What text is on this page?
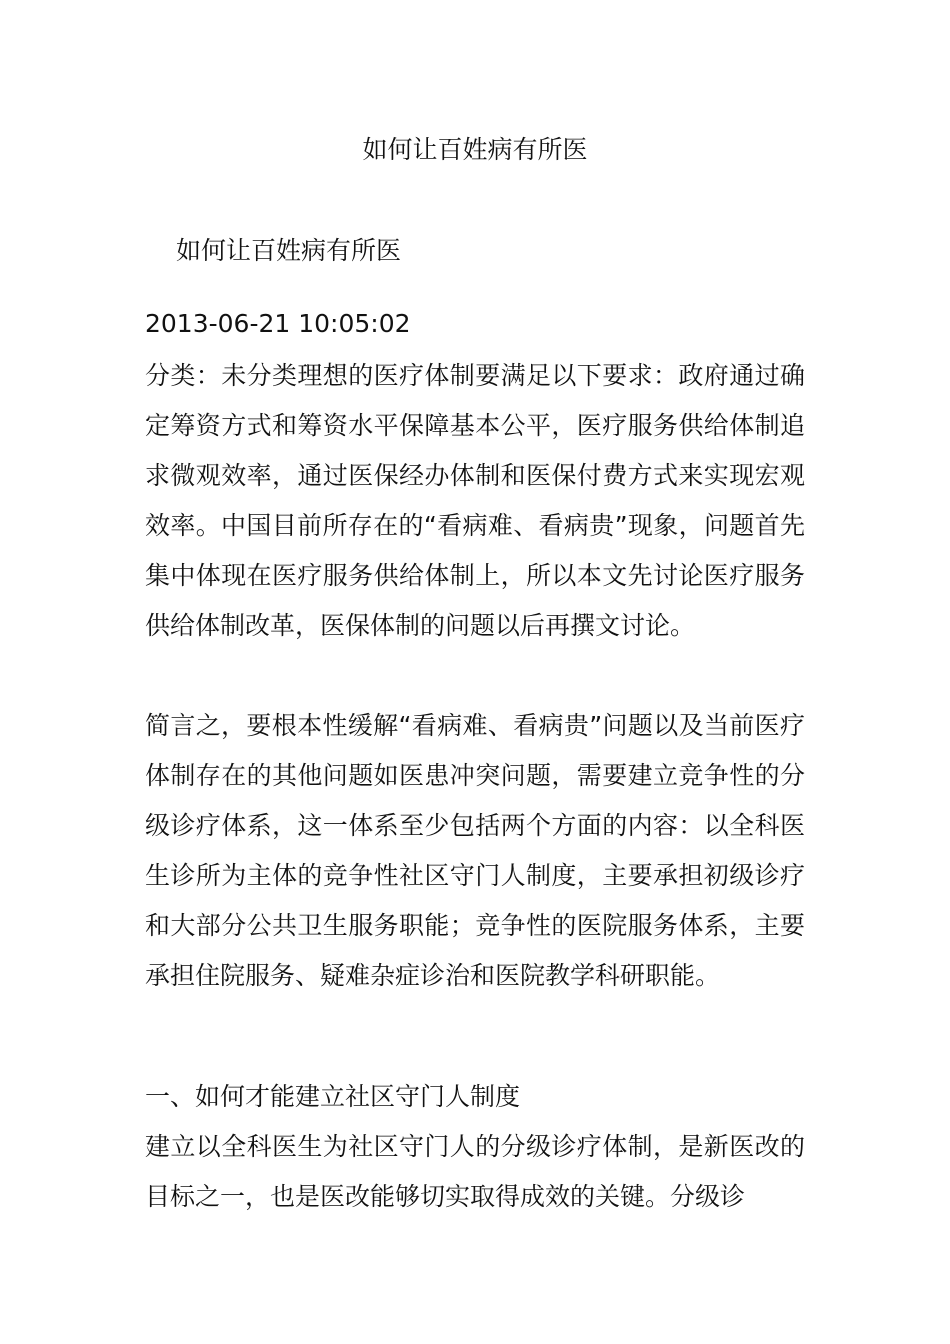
如何让百姓病有所医
如何让百姓病有所医

2013-06-21 10:05:02

分类：未分类理想的医疗体制要满足以下要求：政府通过确定筹资方式和筹资水平保障基本公平，医疗服务供给体制追求微观效率，通过医保经办体制和医保付费方式来实现宏观效率。中国目前所存在的“看病难、看病贵”现象，问题首先集中体现在医疗服务供给体制上，所以本文先讨论医疗服务供给体制改革，医保体制的问题以后再撰文讨论。

简言之，要根本性缓解“看病难、看病贵”问题以及当前医疗体制存在的其他问题如医患冲突问题，需要建立竞争性的分级诊疗体系，这一体系至少包括两个方面的内容：以全科医生诊所为主体的竞争性社区守门人制度，主要承担初级诊疗和大部分公共卫生服务职能；竞争性的医院服务体系，主要承担住院服务、疑难杂症诊治和医院教学科研职能。

一、如何才能建立社区守门人制度

建立以全科医生为社区守门人的分级诊疗体制，是新医改的目标之一，也是医改能够切实取得成效的关键。分级诊
